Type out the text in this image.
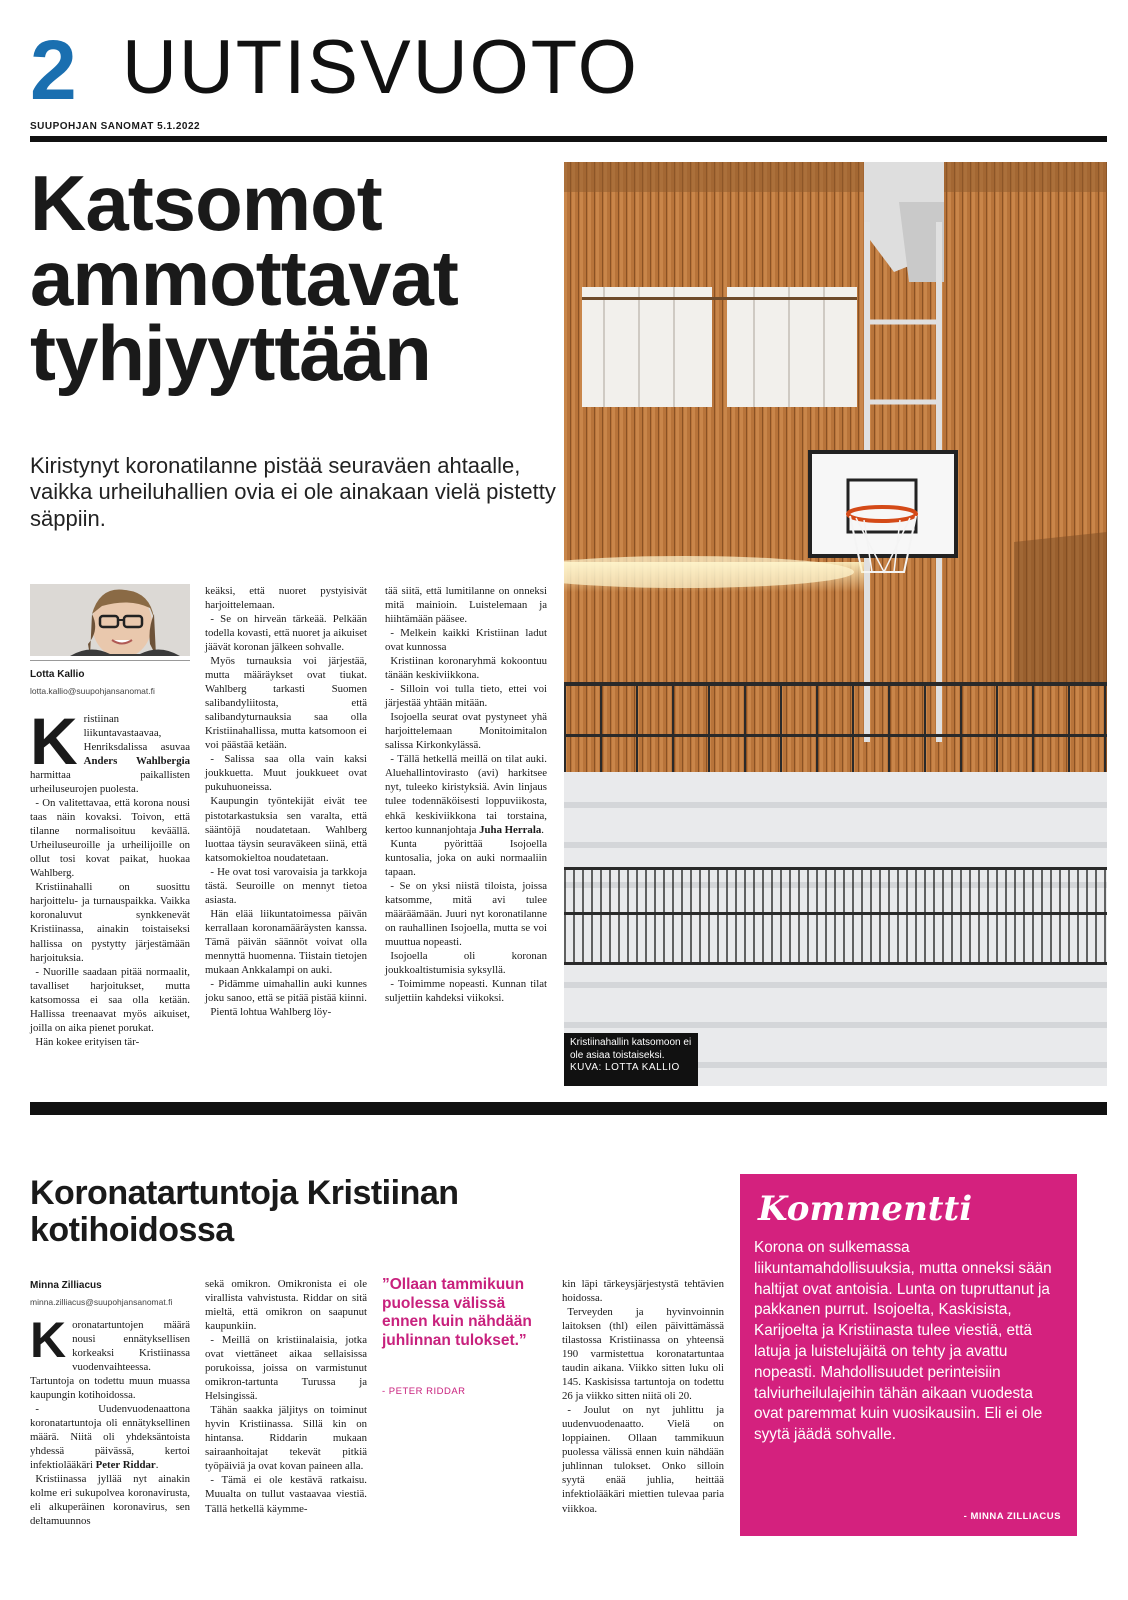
2 UUTISVUOTO
SUUPOHJAN SANOMAT 5.1.2022
Katsomot ammottavat tyhjyyttään
Kiristynyt koronatilanne pistää seuraväen ahtaalle, vaikka urheiluhallien ovia ei ole ainakaan vielä pistetty säppiin.
Lotta Kallio
lotta.kallio@suupohjansanomat.fi

Kristiinan liikuntavastaavaa, Henriksdalissa asuvaa Anders Wahlbergia harmittaa paikallisten urheiluseurojen puolesta.

- On valitettavaa, että korona nousi taas näin kovaksi. Toivon, että tilanne normalisoituu keväällä. Urheiluseuroille ja urheilijoille on ollut tosi kovat paikat, huokaa Wahlberg.

Kristiinahalli on suosittu harjoittelu- ja turnauspaikka. Vaikka koronaluvut synkkenevät Kristiinassa, ainakin toistaiseksi hallissa on pystytty järjestämään harjoituksia.

- Nuorille saadaan pitää normaalit, tavalliset harjoitukset, mutta katsomossa ei saa olla ketään. Hallissa treenaavat myös aikuiset, joilla on aika pienet porukat.

Hän kokee erityisen tär-

keäksi, että nuoret pystyisivät harjoittelemaan.

- Se on hirveän tärkeää. Pelkään todella kovasti, että nuoret ja aikuiset jäävät koronan jälkeen sohvalle.

Myös turnauksia voi järjestää, mutta määräykset ovat tiukat. Wahlberg tarkasti Suomen salibandyliitosta, että salibandyturnauksia saa olla Kristiinahallissa, mutta katsomoon ei voi päästää ketään.

- Salissa saa olla vain kaksi joukkuetta. Muut joukkueet ovat pukuhuoneissa.

Kaupungin työntekijät eivät tee pistotarkastuksia sen varalta, että sääntöjä noudatetaan. Wahlberg luottaa täysin seuraväkeen siinä, että katsomokieltoa noudatetaan.

- He ovat tosi varovaisia ja tarkkoja tästä. Seuroille on mennyt tietoa asiasta.

Hän elää liikuntatoimessa päivän kerrallaan koronamääräysten kanssa. Tämä päivän säännöt voivat olla mennyttä huomenna. Tiistain tietojen mukaan Ankkalampi on auki.

- Pidämme uimahallin auki kunnes joku sanoo, että se pitää pistää kiinni.

Pientä lohtua Wahlberg löy-

tää siitä, että lumitilanne on onneksi mitä mainioin. Luistelemaan ja hiihtämään pääsee.

- Melkein kaikki Kristiinan ladut ovat kunnossa

Kristiinan koronaryhmä kokoontuu tänään keskiviikkona.

- Silloin voi tulla tieto, ettei voi järjestää yhtään mitään.

Isojoella seurat ovat pystyneet yhä harjoittelemaan Monitoimitalon salissa Kirkonkylässä.

- Tällä hetkellä meillä on tilat auki. Aluehallintovirasto (avi) harkitsee nyt, tuleeko kiristyksiä. Avin linjaus tulee todennäköisesti loppuviikosta, ehkä keskiviikkona tai torstaina, kertoo kunnanjohtaja Juha Herrala.

Kunta pyörittää Isojoella kuntosalia, joka on auki normaaliin tapaan.

- Se on yksi niistä tiloista, joissa katsomme, mitä avi tulee määräämään. Juuri nyt koronatilanne on rauhallinen Isojoella, mutta se voi muuttua nopeasti.

Isojoella oli koronan joukkoaltistumisia syksyllä.

- Toimimme nopeasti. Kunnan tilat suljettiin kahdeksi viikoksi.

Kristiinahallin katsomoon ei ole asiaa toistaiseksi.
KUVA: LOTTA KALLIO
Koronatartuntoja Kristiinan kotihoidossa
Minna Zilliacus
minna.zilliacus@suupohjansanomat.fi

Koronatartuntojen määrä nousi ennätyksellisen korkeaksi Kristiinassa vuodenvaihteessa. Tartuntoja on todettu muun muassa kaupungin kotihoidossa.

- Uudenvuodenaattona koronatartuntoja oli ennätyksellinen määrä. Niitä oli yhdeksäntoista yhdessä päivässä, kertoi infektiolääkäri Peter Riddar.

Kristiinassa jyllää nyt ainakin kolme eri sukupolvea koronavirusta, eli alkuperäinen koronavirus, sen deltamuunnos

sekä omikron. Omikronista ei ole virallista vahvistusta. Riddar on sitä mieltä, että omikron on saapunut kaupunkiin.

- Meillä on kristiinalaisia, jotka ovat viettäneet aikaa sellaisissa porukoissa, joissa on varmistunut omikron-tartunta Turussa ja Helsingissä.

Tähän saakka jäljitys on toiminut hyvin Kristiinassa. Sillä kin on hintansa. Riddarin mukaan sairaanhoitajat tekevät pitkiä työpäiviä ja ovat kovan paineen alla.

- Tämä ei ole kestävä ratkaisu. Muualta on tullut vastaavaa viestiä. Tällä hetkellä käymme-

”Ollaan tammikuun puolessa välissä ennen kuin nähdään juhlinnan tulokset.”
- PETER RIDDAR

kin läpi tärkeysjärjestystä tehtävien hoidossa.

Terveyden ja hyvinvoinnin laitoksen (thl) eilen päivittämässä tilastossa Kristiinassa on yhteensä 190 varmistettua koronatartuntaa taudin aikana. Viikko sitten luku oli 145. Kaskisissa tartuntoja on todettu 26 ja viikko sitten niitä oli 20.

- Joulut on nyt juhlittu ja uudenvuodenaatto. Vielä on loppiainen. Ollaan tammikuun puolessa välissä ennen kuin nähdään juhlinnan tulokset. Onko silloin syytä enää juhlia, heittää infektiolääkäri miettien tulevaa paria viikkoa.

Kommentti
Korona on sulkemassa liikuntamahdollisuuksia, mutta onneksi sään haltijat ovat antoisia. Lunta on tupruttanut ja pakkanen purrut. Isojoelta, Kaskisista, Karijoelta ja Kristiinasta tulee viestiä, että latuja ja luistelujäitä on tehty ja avattu nopeasti. Mahdollisuudet perinteisiin talviurheilulajeihin tähän aikaan vuodesta ovat paremmat kuin vuosikausiin. Eli ei ole syytä jäädä sohvalle.
- MINNA ZILLIACUS
